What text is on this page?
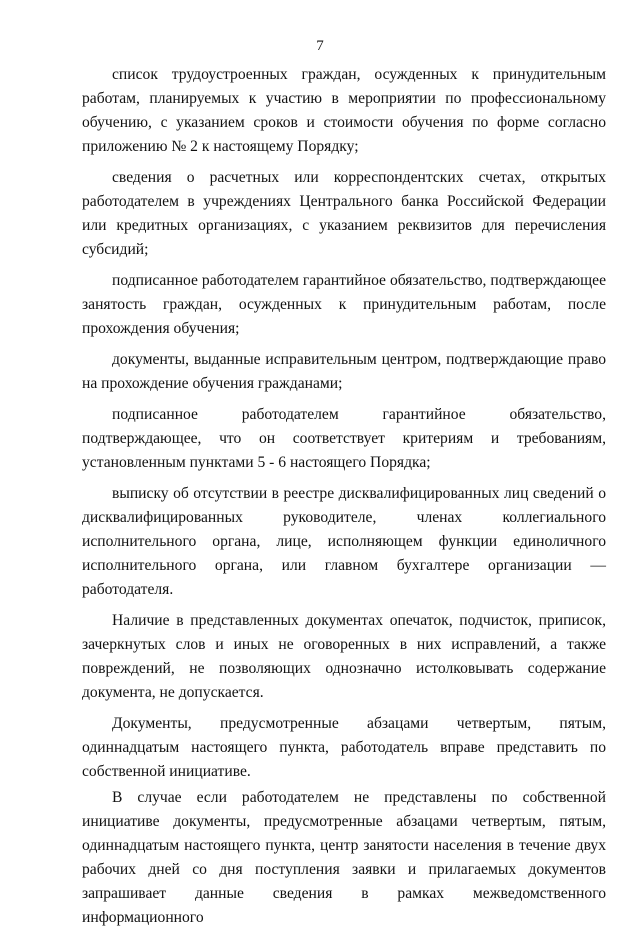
7

список трудоустроенных граждан, осужденных к принудительным работам, планируемых к участию в мероприятии по профессиональному обучению, с указанием сроков и стоимости обучения по форме согласно приложению № 2 к настоящему Порядку;

сведения о расчетных или корреспондентских счетах, открытых работодателем в учреждениях Центрального банка Российской Федерации или кредитных организациях, с указанием реквизитов для перечисления субсидий;

подписанное работодателем гарантийное обязательство, подтверждающее занятость граждан, осужденных к принудительным работам, после прохождения обучения;

документы, выданные исправительным центром, подтверждающие право на прохождение обучения гражданами;

подписанное работодателем гарантийное обязательство, подтверждающее, что он соответствует критериям и требованиям, установленным пунктами 5 - 6 настоящего Порядка;

выписку об отсутствии в реестре дисквалифицированных лиц сведений о дисквалифицированных руководителе, членах коллегиального исполнительного органа, лице, исполняющем функции единоличного исполнительного органа, или главном бухгалтере организации — работодателя.

Наличие в представленных документах опечаток, подчисток, приписок, зачеркнутых слов и иных не оговоренных в них исправлений, а также повреждений, не позволяющих однозначно истолковывать содержание документа, не допускается.

Документы, предусмотренные абзацами четвертым, пятым, одиннадцатым настоящего пункта, работодатель вправе представить по собственной инициативе.

В случае если работодателем не представлены по собственной инициативе документы, предусмотренные абзацами четвертым, пятым, одиннадцатым настоящего пункта, центр занятости населения в течение двух рабочих дней со дня поступления заявки и прилагаемых документов запрашивает данные сведения в рамках межведомственного информационного
